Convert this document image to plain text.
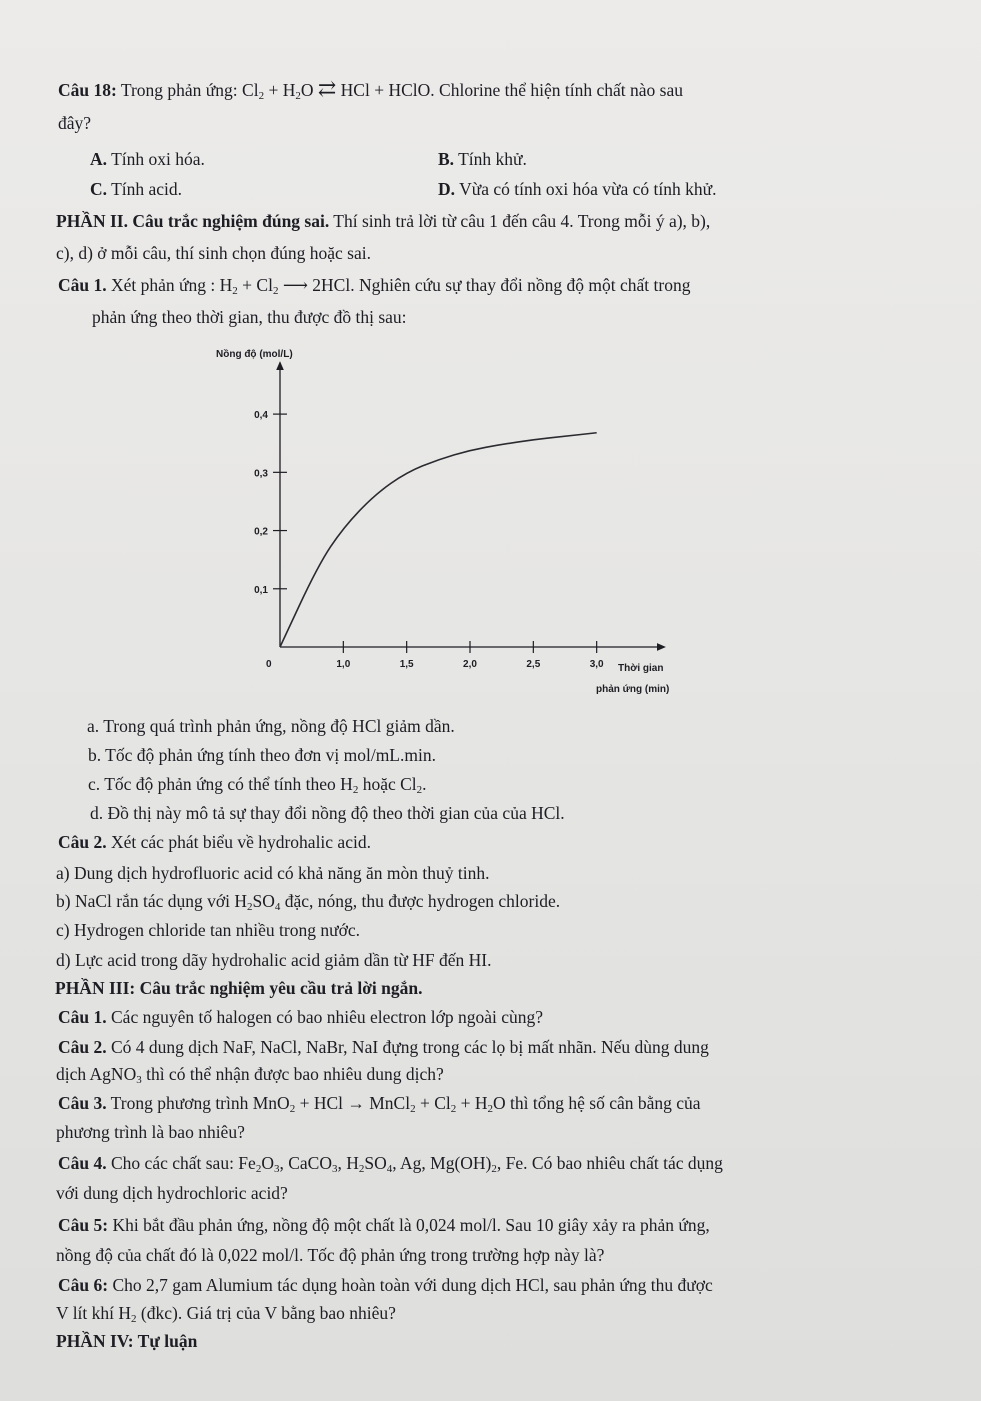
Câu 18: Trong phản ứng: $Cl_2 + H_2O$ ⇄ HCl + HClO. Chlorine thể hiện tính chất nào sau
đây?
A. Tính oxi hóa.	B. Tính khử.
C. Tính acid.	D. Vừa có tính oxi hóa vừa có tính khử.
PHẦN II. Câu trắc nghiệm đúng sai. Thí sinh trả lời từ câu 1 đến câu 4. Trong mỗi ý a), b),
c), d) ở mỗi câu, thí sinh chọn đúng hoặc sai.
Câu 1. Xét phản ứng : $H_2 + Cl_2$ ⟶ 2HCl. Nghiên cứu sự thay đổi nồng độ một chất trong
phản ứng theo thời gian, thu được đồ thị sau:
Nồng độ (mol/L)
Thời gian
phản ứng (min)
0	1,0	1,5	2,0	2,5	3,0
0,1
0,2
0,3
0,4
a. Trong quá trình phản ứng, nồng độ HCl giảm dần.
b. Tốc độ phản ứng tính theo đơn vị mol/mL.min.
c. Tốc độ phản ứng có thể tính theo $H_2$ hoặc $Cl_2$.
d. Đồ thị này mô tả sự thay đổi nồng độ theo thời gian của của HCl.
Câu 2. Xét các phát biểu về hydrohalic acid.
a) Dung dịch hydrofluoric acid có khả năng ăn mòn thuỷ tinh.
b) NaCl rắn tác dụng với $H_2SO_4$ đặc, nóng, thu được hydrogen chloride.
c) Hydrogen chloride tan nhiều trong nước.
d) Lực acid trong dãy hydrohalic acid giảm dần từ HF đến HI.
PHẦN III: Câu trắc nghiệm yêu cầu trả lời ngắn.
Câu 1. Các nguyên tố halogen có bao nhiêu electron lớp ngoài cùng?
Câu 2. Có 4 dung dịch NaF, NaCl, NaBr, NaI đựng trong các lọ bị mất nhãn. Nếu dùng dung
dịch AgNO$_3$ thì có thể nhận được bao nhiêu dung dịch?
Câu 3. Trong phương trình MnO$_2$ + HCl → MnCl$_2$ + $Cl_2 + H_2O$ thì tổng hệ số cân bằng của
phương trình là bao nhiêu?
Câu 4. Cho các chất sau: $Fe_2O_3$, CaCO$_3$, $H_2SO_4$, Ag, $Mg(OH)_2$, Fe. Có bao nhiêu chất tác dụng
với dung dịch hydrochloric acid?
Câu 5: Khi bắt đầu phản ứng, nồng độ một chất là 0,024 mol/l. Sau 10 giây xảy ra phản ứng,
nồng độ của chất đó là 0,022 mol/l. Tốc độ phản ứng trong trường hợp này là?
Câu 6: Cho 2,7 gam Alumium tác dụng hoàn toàn với dung dịch HCl, sau phản ứng thu được
V lít khí $H_2$ (đkc). Giá trị của V bằng bao nhiêu?
PHẦN IV: Tự luận
